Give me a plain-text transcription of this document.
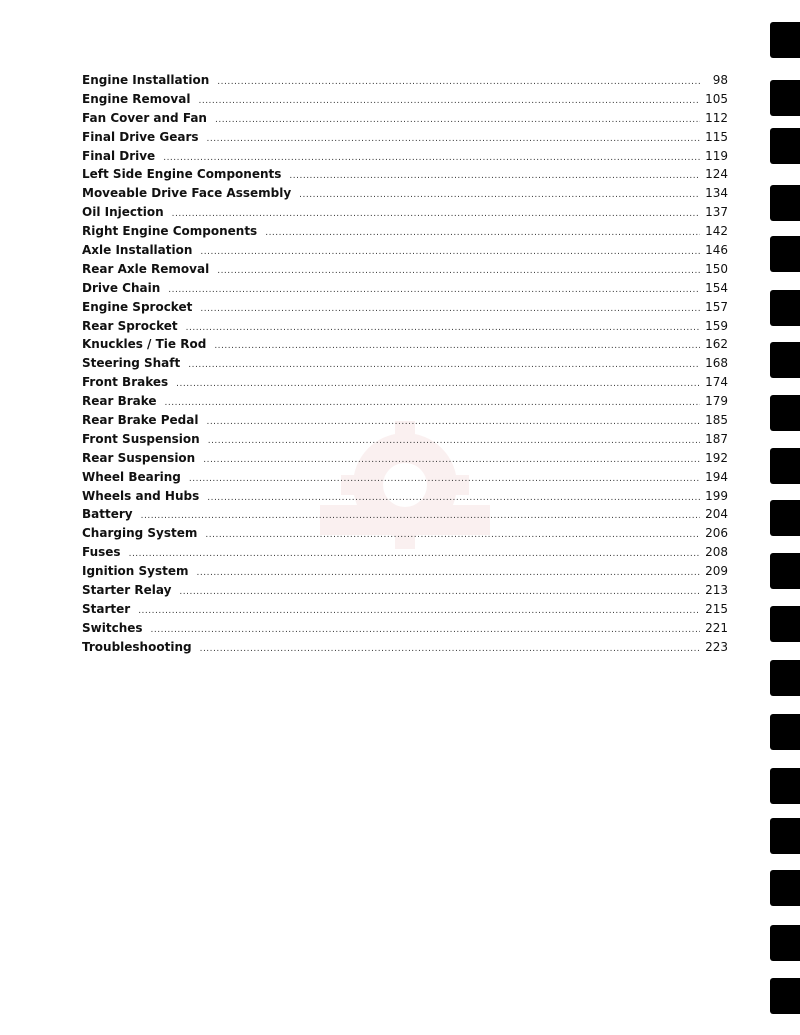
Engine Installation .....	98
Engine Removal .....	105
Fan Cover and Fan .....	112
Final Drive Gears .....	115
Final Drive .....	119
Left Side Engine Components .....	124
Moveable Drive Face Assembly .....	134
Oil Injection .....	137
Right Engine Components .....	142
Axle Installation .....	146
Rear Axle Removal .....	150
Drive Chain .....	154
Engine Sprocket .....	157
Rear Sprocket .....	159
Knuckles / Tie Rod .....	162
Steering Shaft .....	168
Front Brakes .....	174
Rear Brake .....	179
Rear Brake Pedal .....	185
Front Suspension .....	187
Rear Suspension .....	192
Wheel Bearing .....	194
Wheels and Hubs .....	199
Battery .....	204
Charging System .....	206
Fuses .....	208
Ignition System .....	209
Starter Relay .....	213
Starter .....	215
Switches .....	221
Troubleshooting .....	223
